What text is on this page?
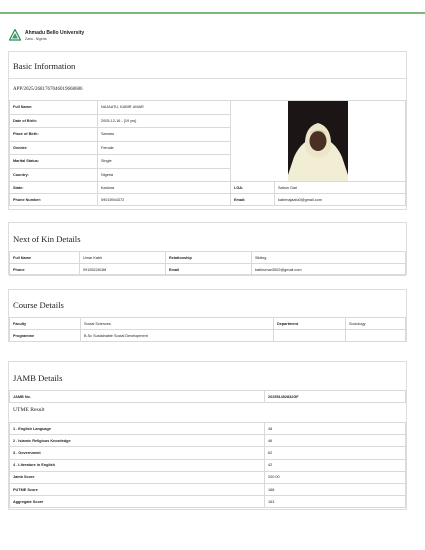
Ahmadu Bello University
Zaria - Nigeria
Basic Information
APP/2025/2681767046019668686
Full Name:	NAJAATU, KABIR UMAR	
Date of Birth:	2005-12-16 - [19 yrs]		
Place of Birth:	Samaru		
Gender:	Female		
Marital Status:	Single		
Country:	Nigeria		
State:	Kaduna	LGA:	Sabon Gari
Phone Number:	09015944372	Email:	kabirnajaatu0@gmail.com
Next of Kin Details
Full Name	Umar Kabir	Relationship	Sibling
Phone	09155228188	Email	kabirumar3002@gmail.com
Course Details
Faculty	Social Sciences	Department	Sociology
Programme	B.Sc Sustainable Social Development		
JAMB Details
JAMB No.	202551452832GF
UTME Result
1 . English Language	48
2 . Islamic Religious Knowledge	46
3 . Government	62
4 . Literature in English	42
Jamb Score	200.00
PUTME Score	168
Aggregate Score	163
